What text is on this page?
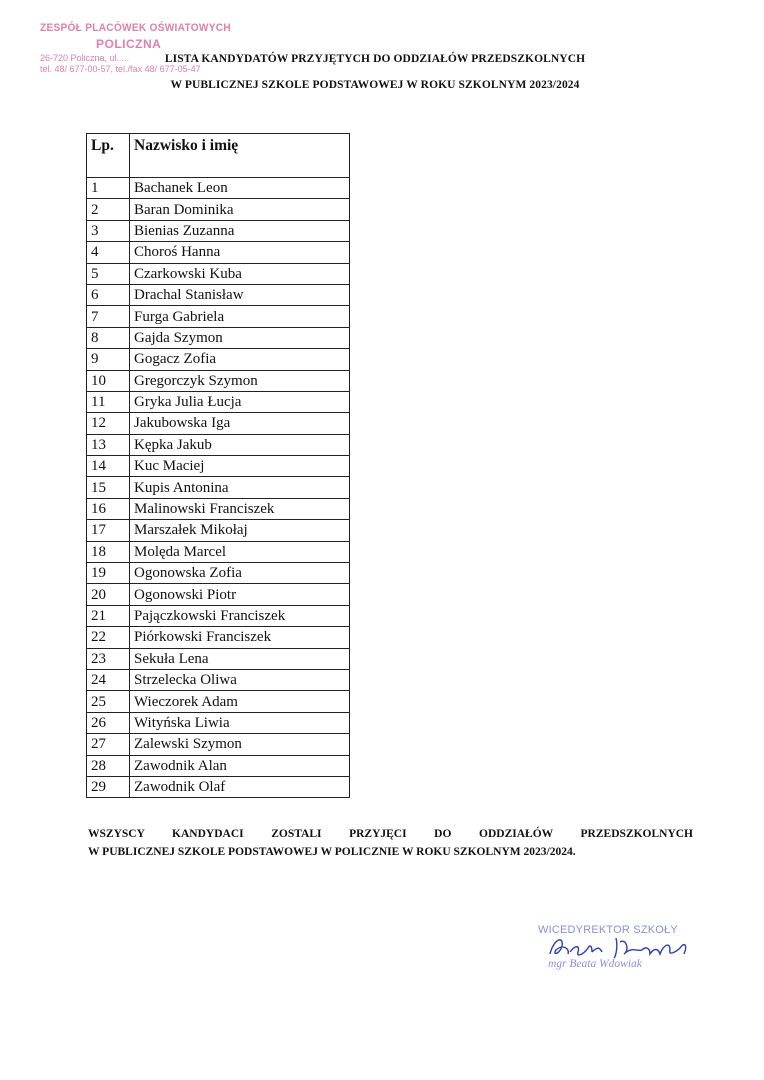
ZESPÓŁ PLACÓWEK OŚWIATOWYCH
POLICZNA
26-720 Policzna, ul. ...
tel. 48/ 677-00-57, tel./fax 48/ 677-05-47
LISTA KANDYDATÓW PRZYJĘTYCH DO ODDZIAŁÓW PRZEDSZKOLNYCH
W PUBLICZNEJ SZKOLE PODSTAWOWEJ W ROKU SZKOLNYM 2023/2024
Lp.	Nazwisko i imię
1	Bachanek Leon
2	Baran Dominika
3	Bienias Zuzanna
4	Choroś Hanna
5	Czarkowski Kuba
6	Drachal Stanisław
7	Furga Gabriela
8	Gajda Szymon
9	Gogacz Zofia
10	Gregorczyk Szymon
11	Gryka Julia Łucja
12	Jakubowska Iga
13	Kępka Jakub
14	Kuc Maciej
15	Kupis Antonina
16	Malinowski Franciszek
17	Marszałek Mikołaj
18	Molęda Marcel
19	Ogonowska Zofia
20	Ogonowski Piotr
21	Pajączkowski Franciszek
22	Piórkowski Franciszek
23	Sekuła Lena
24	Strzelecka Oliwa
25	Wieczorek Adam
26	Wityńska Liwia
27	Zalewski Szymon
28	Zawodnik Alan
29	Zawodnik Olaf
WSZYSCY KANDYDACI ZOSTALI PRZYJĘCI DO ODDZIAŁÓW PRZEDSZKOLNYCH
W PUBLICZNEJ SZKOLE PODSTAWOWEJ W POLICZNIE W ROKU SZKOLNYM 2023/2024.
WICEDYREKTOR SZKOŁY
mgr Beata Wdowiak
